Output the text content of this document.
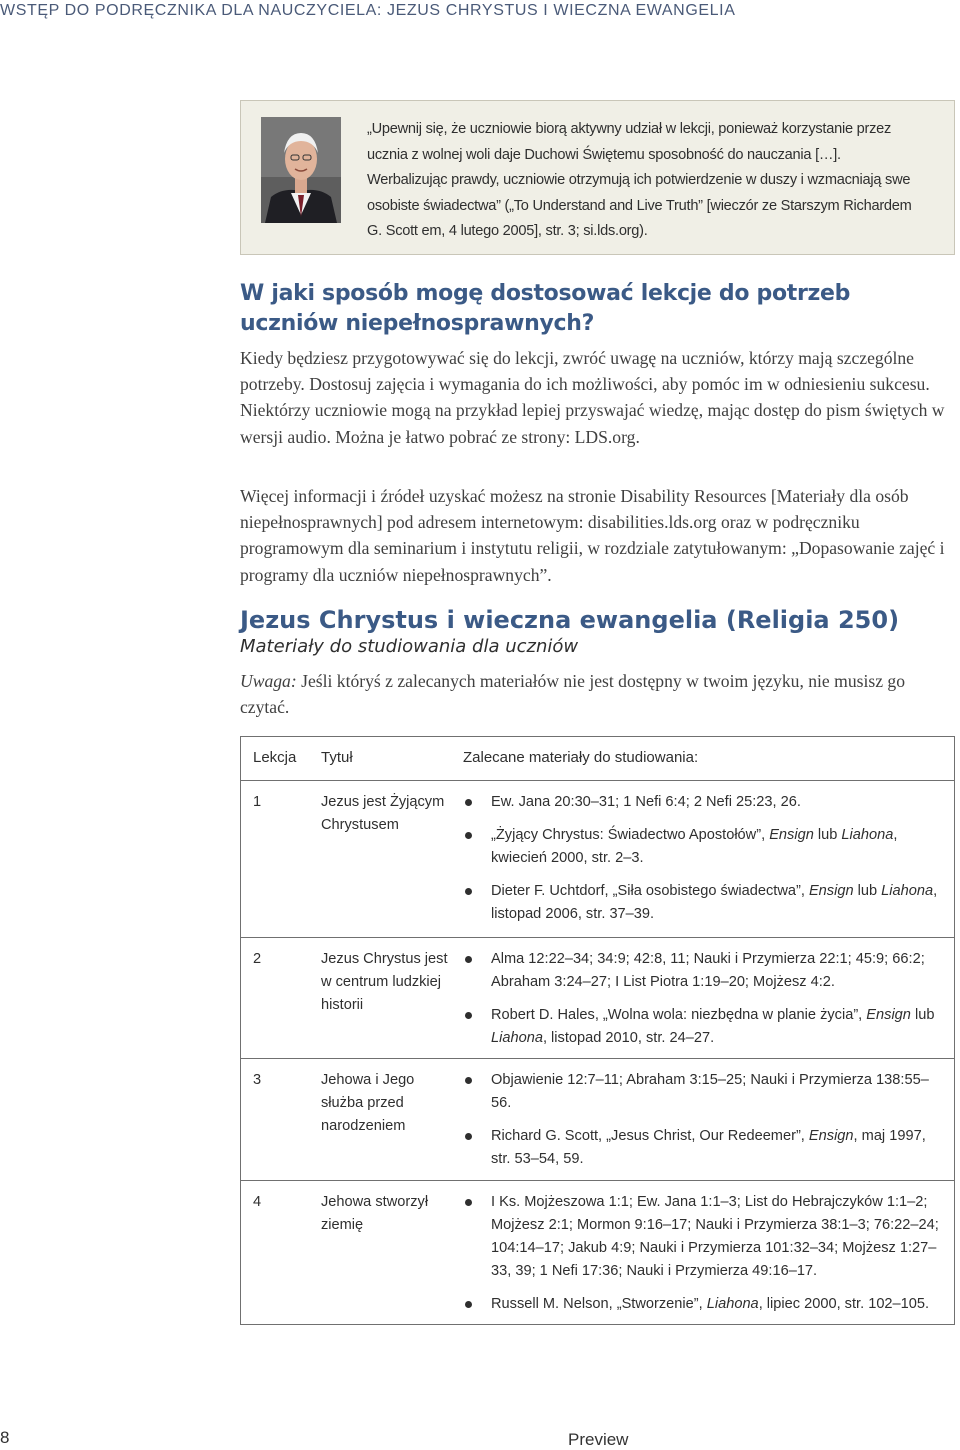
WSTĘP DO PODRĘCZNIKA DLA NAUCZYCIELA: JEZUS CHRYSTUS I WIECZNA EWANGELIA
„Upewnij się, że uczniowie biorą aktywny udział w lekcji, ponieważ korzystanie przez
ucznia z wolnej woli daje Duchowi Świętemu sposobność do nauczania […].
Werbalizując prawdy, uczniowie otrzymują ich potwierdzenie w duszy i wzmacniają swe
osobiste świadectwa” („To Understand and Live Truth” [wieczór ze Starszym Richardem
G. Scott em, 4 lutego 2005], str. 3; si.lds.org).
W jaki sposób mogę dostosować lekcje do potrzeb uczniów niepełnosprawnych?

Kiedy będziesz przygotowywać się do lekcji, zwróć uwagę na uczniów, którzy mają szczególne potrzeby. Dostosuj zajęcia i wymagania do ich możliwości, aby pomóc im w odniesieniu sukcesu. Niektórzy uczniowie mogą na przykład lepiej przyswajać wiedzę, mając dostęp do pism świętych w wersji audio. Można je łatwo pobrać ze strony: LDS.org.

Więcej informacji i źródeł uzyskać możesz na stronie Disability Resources [Materiały dla osób niepełnosprawnych] pod adresem internetowym: disabilities.lds.org oraz w podręczniku programowym dla seminarium i instytutu religii, w rozdziale zatytułowanym: „Dopasowanie zajęć i programy dla uczniów niepełnosprawnych”.

Jezus Chrystus i wieczna ewangelia (Religia 250)
Materiały do studiowania dla uczniów

Uwaga: Jeśli któryś z zalecanych materiałów nie jest dostępny w twoim języku, nie musisz go czytać.

Lekcja Tytuł	Zalecane materiały do studiowania:
1	Jezus jest Żyjącym Chrystusem
Ew. Jana 20:30–31; 1 Nefi 6:4; 2 Nefi 25:23, 26.
„Żyjący Chrystus: Świadectwo Apostołów”, Ensign lub Liahona, kwiecień 2000, str. 2–3.
Dieter F. Uchtdorf, „Siła osobistego świadectwa”, Ensign lub Liahona, listopad 2006, str. 37–39.
2	Jezus Chrystus jest w centrum ludzkiej historii
Alma 12:22–34; 34:9; 42:8, 11; Nauki i Przymierza 22:1; 45:9; 66:2; Abraham 3:24–27; I List Piotra 1:19–20; Mojżesz 4:2.
Robert D. Hales, „Wolna wola: niezbędna w planie życia”, Ensign lub Liahona, listopad 2010, str. 24–27.
3	Jehowa i Jego służba przed narodzeniem
Objawienie 12:7–11; Abraham 3:15–25; Nauki i Przymierza 138:55–56.
Richard G. Scott, „Jesus Christ, Our Redeemer”, Ensign, maj 1997, str. 53–54, 59.
4	Jehowa stworzył ziemię
I Ks. Mojżeszowa 1:1; Ew. Jana 1:1–3; List do Hebrajczyków 1:1–2; Mojżesz 2:1; Mormon 9:16–17; Nauki i Przymierza 38:1–3; 76:22–24; 104:14–17; Jakub 4:9; Nauki i Przymierza 101:32–34; Mojżesz 1:27–33, 39; 1 Nefi 17:36; Nauki i Przymierza 49:16–17.
Russell M. Nelson, „Stworzenie”, Liahona, lipiec 2000, str. 102–105.
8	Preview
